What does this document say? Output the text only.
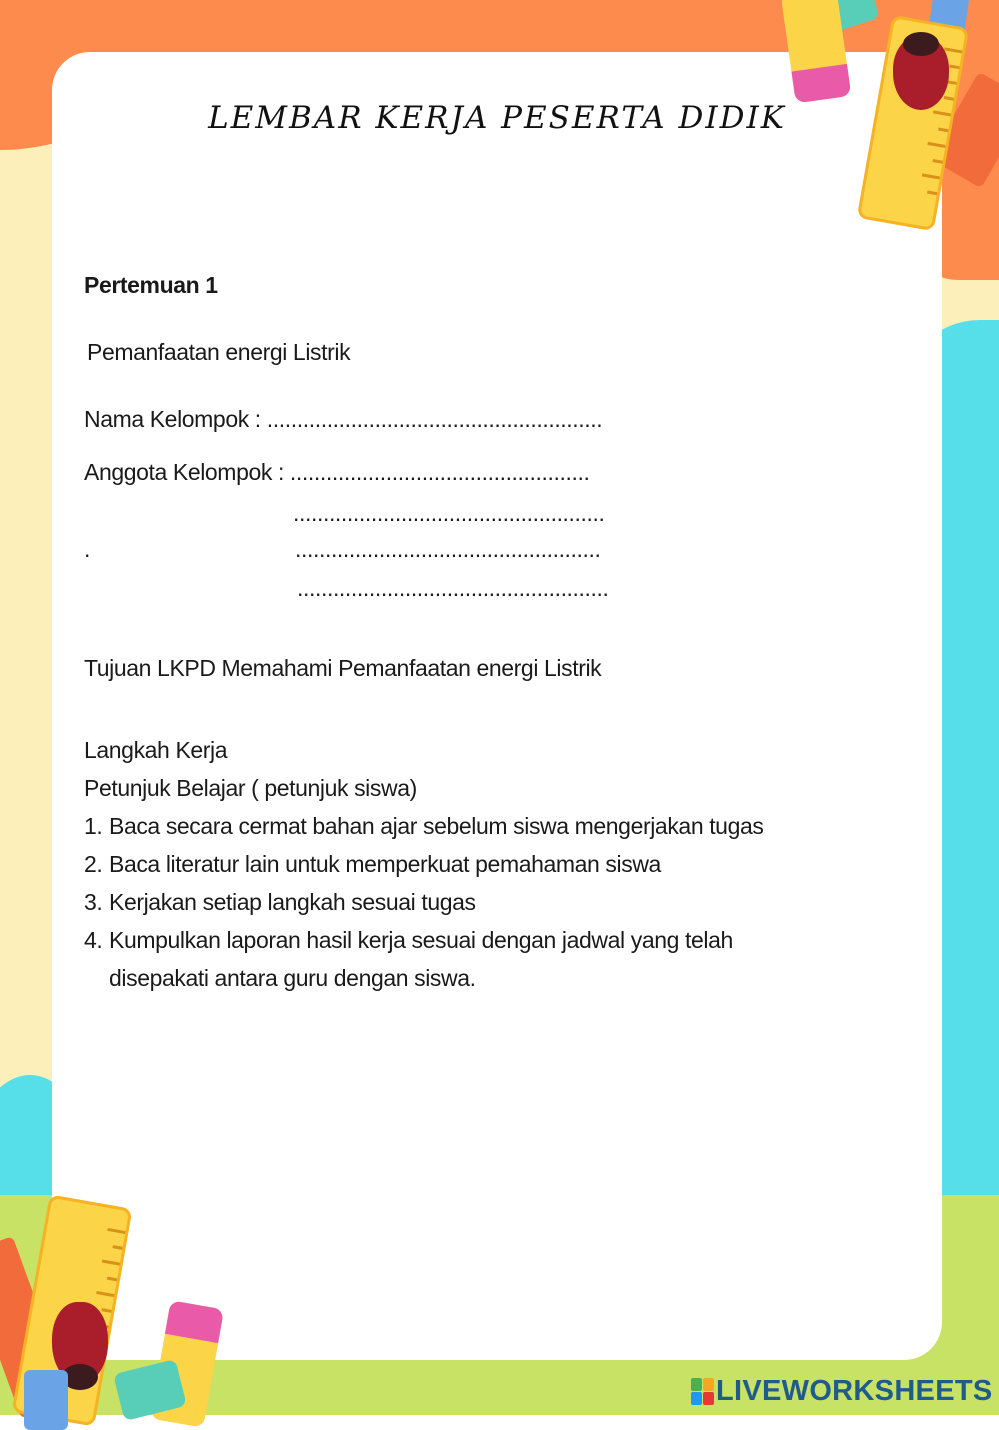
LEMBAR KERJA PESERTA DIDIK
Pertemuan 1
Pemanfaatan energi Listrik
Nama Kelompok : ........................................................
Anggota Kelompok : ..................................................
....................................................
.	...................................................
....................................................
Tujuan LKPD Memahami Pemanfaatan energi Listrik
Langkah Kerja
Petunjuk Belajar ( petunjuk siswa)
1. Baca secara cermat bahan ajar sebelum siswa mengerjakan tugas
2. Baca literatur lain untuk memperkuat pemahaman siswa
3. Kerjakan setiap langkah sesuai tugas
4. Kumpulkan laporan hasil kerja sesuai dengan jadwal yang telah
disepakati antara guru dengan siswa.
LIVEWORKSHEETS
